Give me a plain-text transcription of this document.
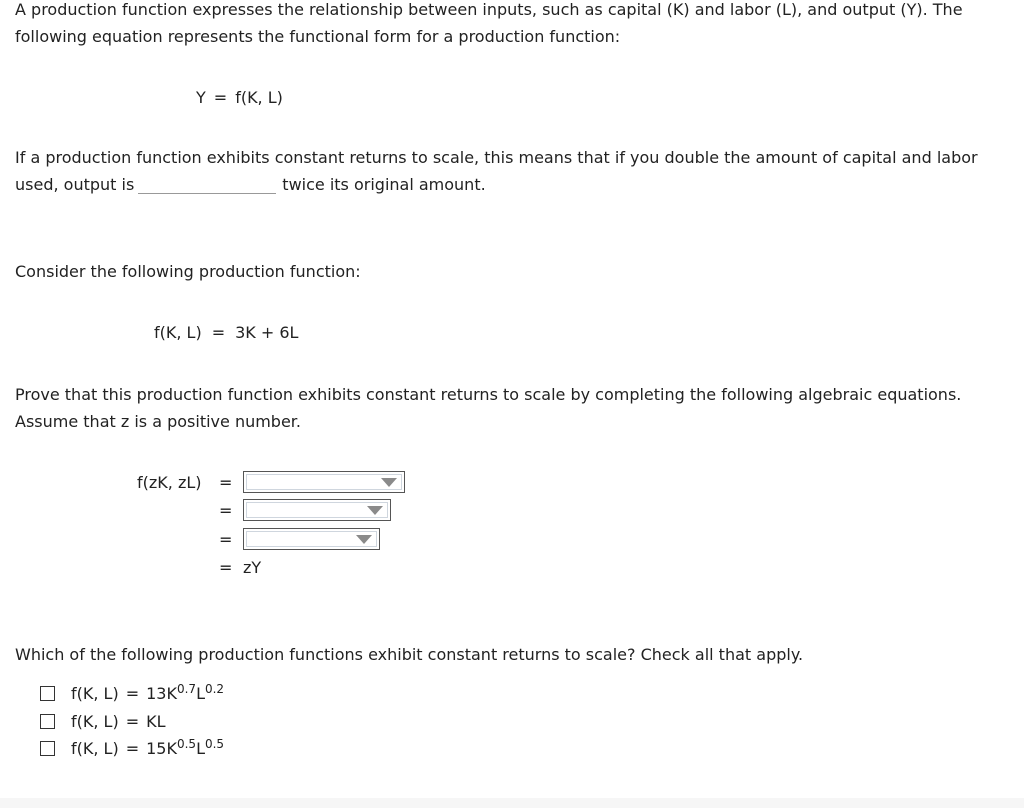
A production function expresses the relationship between inputs, such as capital (K) and labor (L), and output (Y). The
following equation represents the functional form for a production function:
Y = f(K, L)
If a production function exhibits constant returns to scale, this means that if you double the amount of capital and labor
used, output is	twice its original amount.
Consider the following production function:
f(K, L) = 3K + 6L
Prove that this production function exhibits constant returns to scale by completing the following algebraic equations.
Assume that z is a positive number.
f(zK, zL) =
=
=
= zY
Which of the following production functions exhibit constant returns to scale? Check all that apply.
f(K, $L) = 13K^{0.7}L^{0.2}$
f(K, L) = KL
f(K, $L) = 15K^{0.5}L^{0.5}$
